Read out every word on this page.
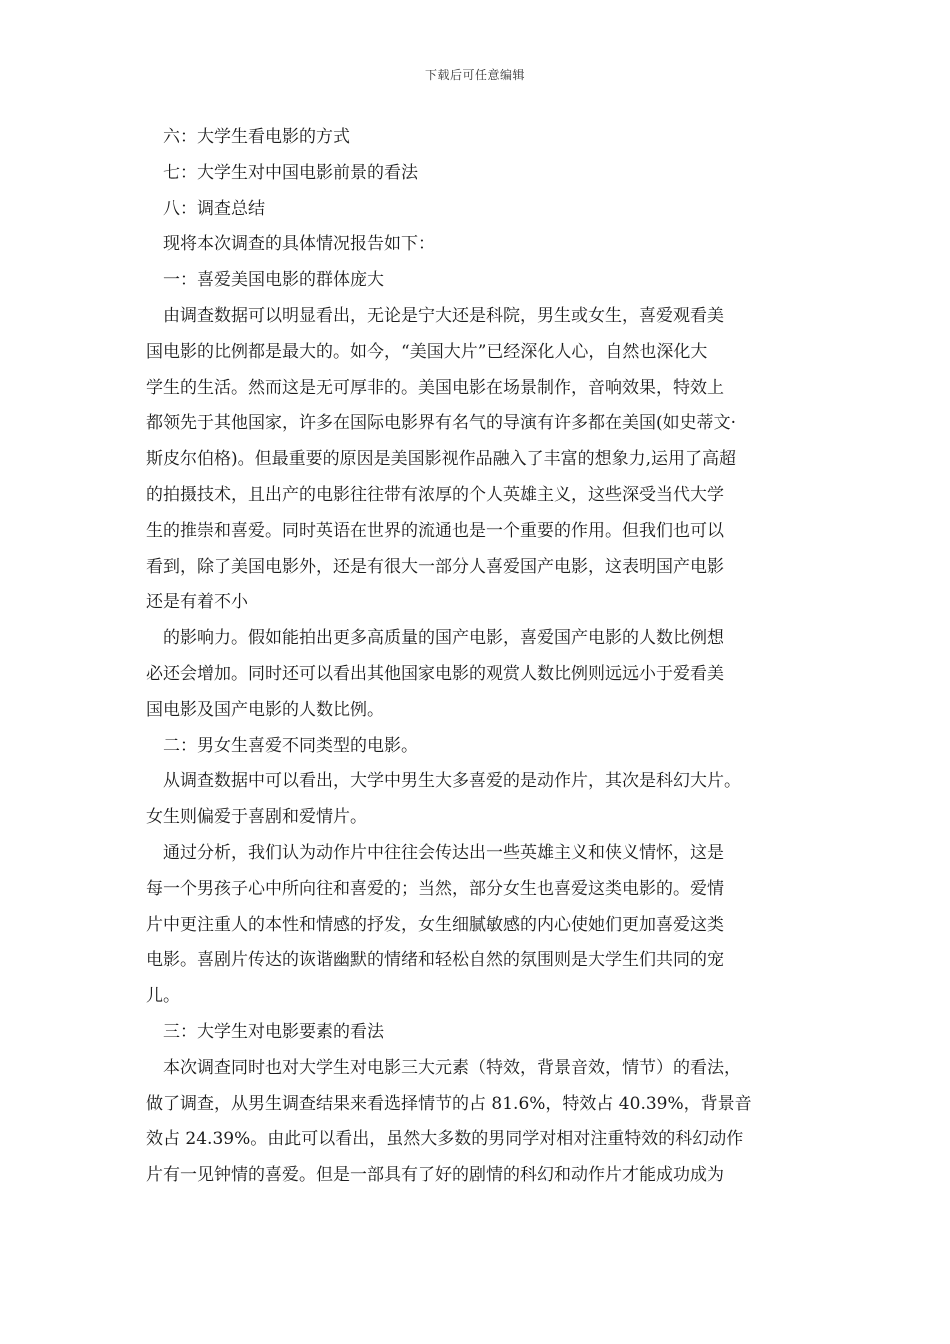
下载后可任意编辑
六：大学生看电影的方式
七：大学生对中国电影前景的看法
八：调查总结
现将本次调查的具体情况报告如下：
一：喜爱美国电影的群体庞大
由调查数据可以明显看出，无论是宁大还是科院，男生或女生，喜爱观看美
国电影的比例都是最大的。如今，“美国大片”已经深化人心，自然也深化大
学生的生活。然而这是无可厚非的。美国电影在场景制作，音响效果，特效上
都领先于其他国家，许多在国际电影界有名气的导演有许多都在美国(如史蒂文·
斯皮尔伯格)。但最重要的原因是美国影视作品融入了丰富的想象力,运用了高超
的拍摄技术，且出产的电影往往带有浓厚的个人英雄主义，这些深受当代大学
生的推崇和喜爱。同时英语在世界的流通也是一个重要的作用。但我们也可以
看到，除了美国电影外，还是有很大一部分人喜爱国产电影，这表明国产电影
还是有着不小
的影响力。假如能拍出更多高质量的国产电影，喜爱国产电影的人数比例想
必还会增加。同时还可以看出其他国家电影的观赏人数比例则远远小于爱看美
国电影及国产电影的人数比例。
二：男女生喜爱不同类型的电影。
从调查数据中可以看出，大学中男生大多喜爱的是动作片，其次是科幻大片。
女生则偏爱于喜剧和爱情片。
通过分析，我们认为动作片中往往会传达出一些英雄主义和侠义情怀，这是
每一个男孩子心中所向往和喜爱的；当然，部分女生也喜爱这类电影的。爱情
片中更注重人的本性和情感的抒发，女生细腻敏感的内心使她们更加喜爱这类
电影。喜剧片传达的诙谐幽默的情绪和轻松自然的氛围则是大学生们共同的宠
儿。
三：大学生对电影要素的看法
本次调查同时也对大学生对电影三大元素（特效，背景音效，情节）的看法，
做了调查，从男生调查结果来看选择情节的占 81.6%，特效占 40.39%，背景音
效占 24.39%。由此可以看出，虽然大多数的男同学对相对注重特效的科幻动作
片有一见钟情的喜爱。但是一部具有了好的剧情的科幻和动作片才能成功成为
